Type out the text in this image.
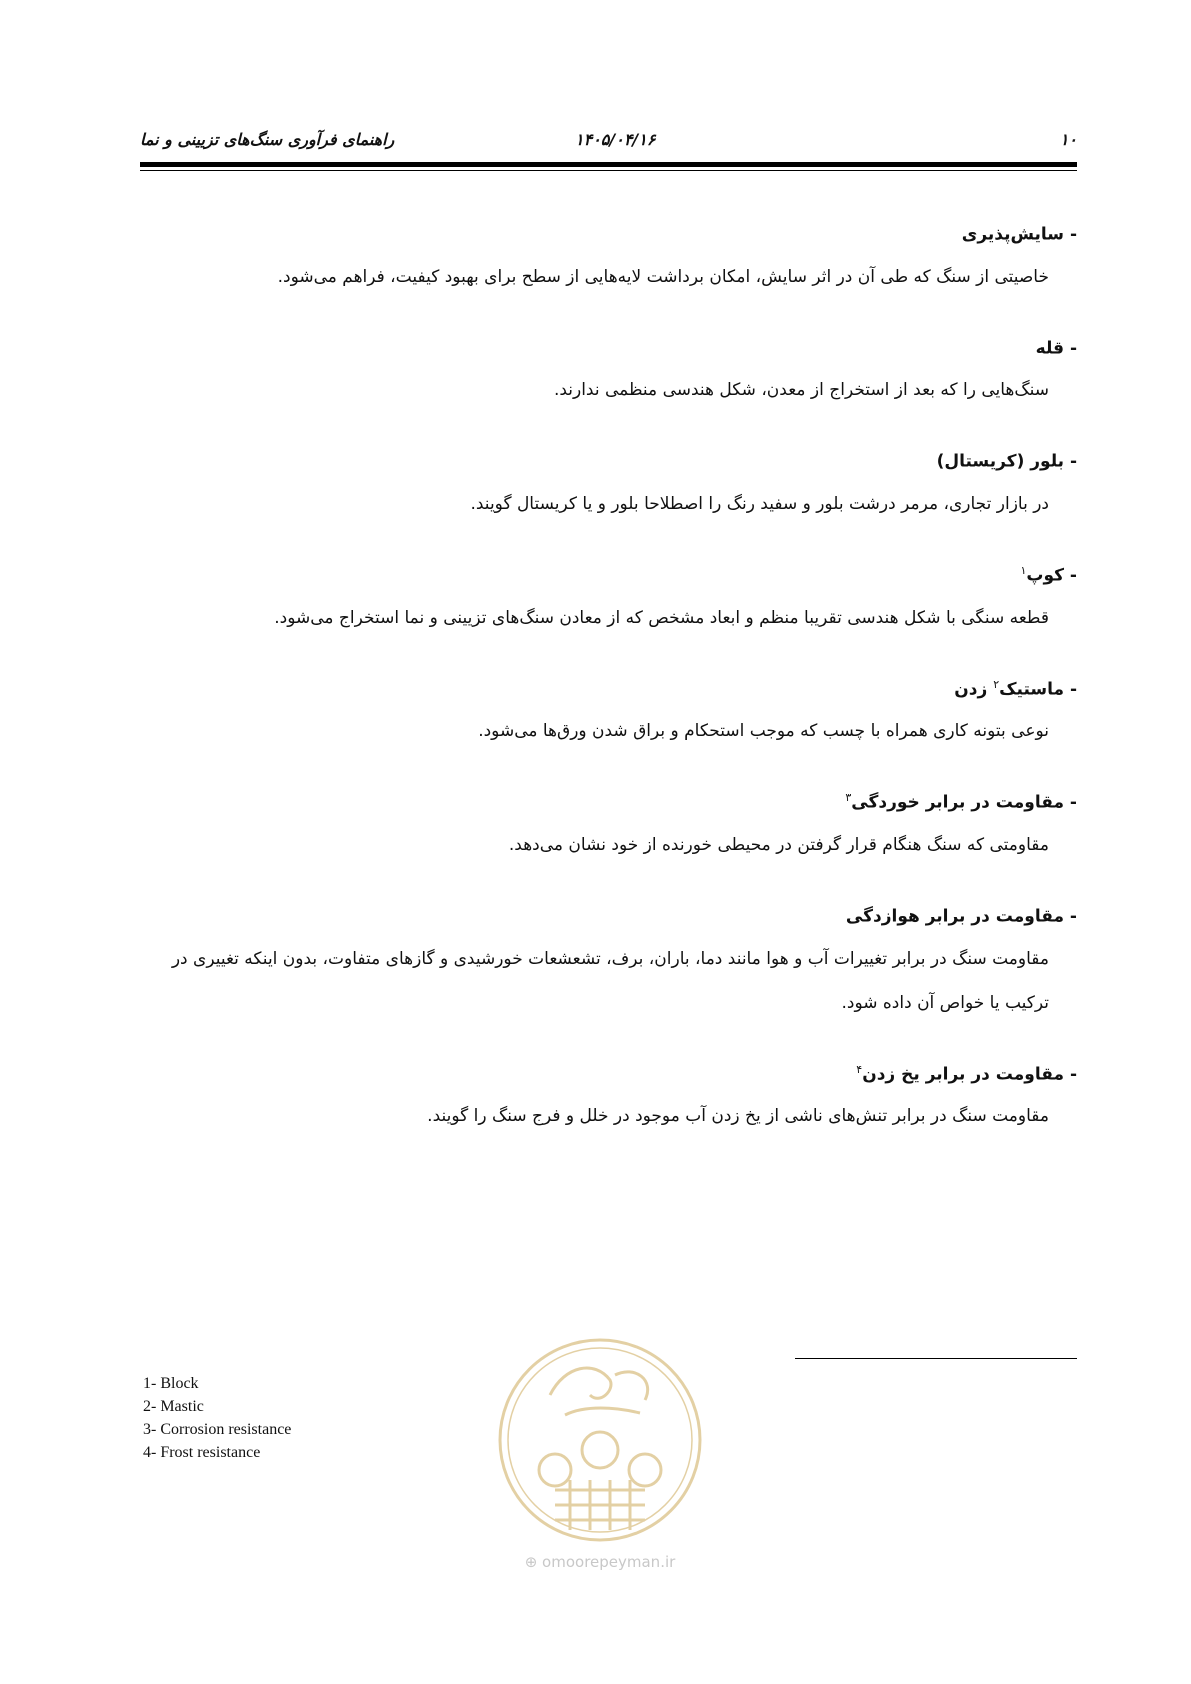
راهنمای فرآوری سنگ‌های تزیینی و نما	۱۴۰۵/۰۴/۱۶	۱۰
- سایش‌پذیری
خاصیتی از سنگ که طی آن در اثر سایش، امکان برداشت لایه‌هایی از سطح برای بهبود کیفیت، فراهم می‌شود.
- قله
سنگ‌هایی را که بعد از استخراج از معدن، شکل هندسی منظمی ندارند.
- بلور (کریستال)
در بازار تجاری، مرمر درشت بلور و سفید رنگ را اصطلاحا بلور و یا کریستال گویند.
- کوپ$^۱$
قطعه سنگی با شکل هندسی تقریبا منظم و ابعاد مشخص که از معادن سنگ‌های تزیینی و نما استخراج می‌شود.
- ماستیک$^۲$ زدن
نوعی بتونه کاری همراه با چسب که موجب استحکام و براق شدن ورق‌ها می‌شود.
- مقاومت در برابر خوردگی$^۳$
مقاومتی که سنگ هنگام قرار گرفتن در محیطی خورنده از خود نشان می‌دهد.
- مقاومت در برابر هوازدگی
مقاومت سنگ در برابر تغییرات آب و هوا مانند دما، باران، برف، تشعشعات خورشیدی و گازهای متفاوت، بدون اینکه تغییری در ترکیب یا خواص آن داده شود.
- مقاومت در برابر یخ زدن$^۴$
مقاومت سنگ در برابر تنش‌های ناشی از یخ زدن آب موجود در خلل و فرج سنگ را گویند.
1- Block
2- Mastic
3- Corrosion resistance
4- Frost resistance
⊕ omoorepeyman.ir
